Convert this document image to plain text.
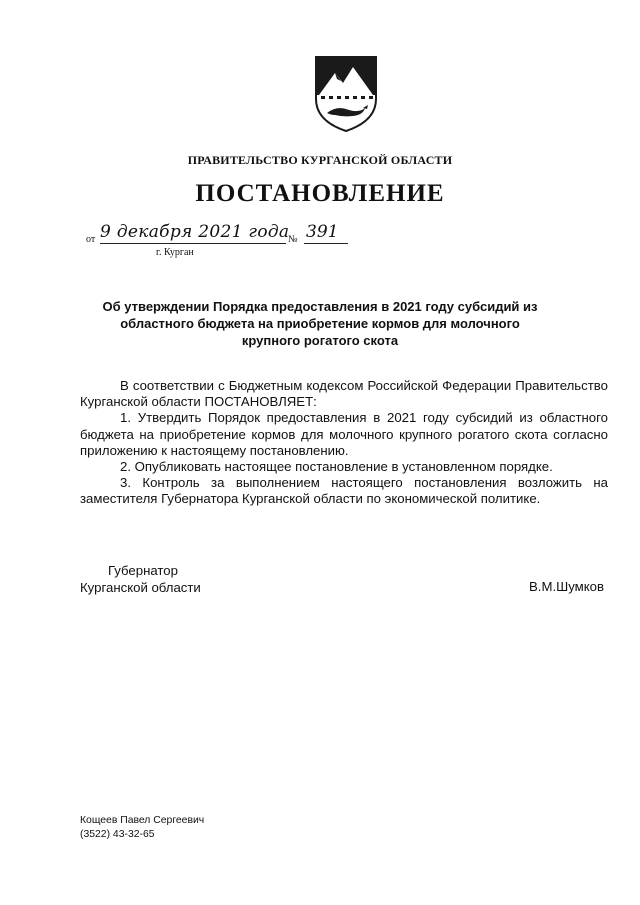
ПРАВИТЕЛЬСТВО КУРГАНСКОЙ ОБЛАСТИ
ПОСТАНОВЛЕНИЕ
от 9 декабря 2021 года
№ 391
г. Курган
Об утверждении Порядка предоставления в 2021 году субсидий из областного бюджета на приобретение кормов для молочного крупного рогатого скота

В соответствии с Бюджетным кодексом Российской Федерации Правительство Курганской области ПОСТАНОВЛЯЕТ:

1. Утвердить Порядок предоставления в 2021 году субсидий из областного бюджета на приобретение кормов для молочного крупного рогатого скота согласно приложению к настоящему постановлению.

2. Опубликовать настоящее постановление в установленном порядке.

3. Контроль за выполнением настоящего постановления возложить на заместителя Губернатора Курганской области по экономической политике.

Губернатор
Курганской области	В.М.Шумков
Кощеев Павел Сергеевич
(3522) 43-32-65
